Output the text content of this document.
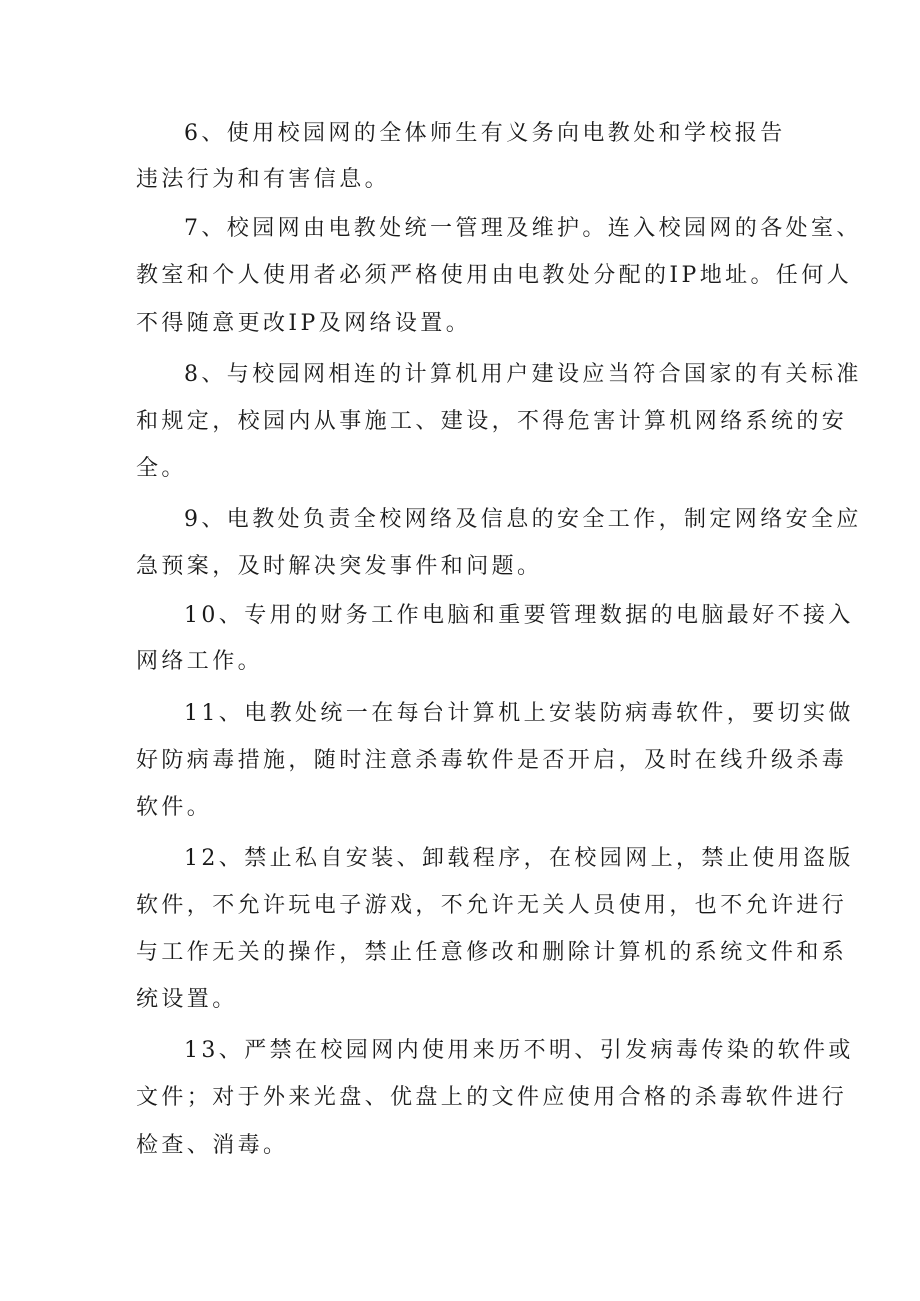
6、使用校园网的全体师生有义务向电教处和学校报告
违法行为和有害信息。
7、校园网由电教处统一管理及维护。连入校园网的各处室、
教室和个人使用者必须严格使用由电教处分配的IP地址。任何人
不得随意更改IP及网络设置。
8、与校园网相连的计算机用户建设应当符合国家的有关标准
和规定，校园内从事施工、建设，不得危害计算机网络系统的安
全。
9、电教处负责全校网络及信息的安全工作，制定网络安全应
急预案，及时解决突发事件和问题。
10、专用的财务工作电脑和重要管理数据的电脑最好不接入
网络工作。
11、电教处统一在每台计算机上安装防病毒软件，要切实做
好防病毒措施，随时注意杀毒软件是否开启，及时在线升级杀毒
软件。
12、禁止私自安装、卸载程序，在校园网上，禁止使用盗版
软件，不允许玩电子游戏，不允许无关人员使用，也不允许进行
与工作无关的操作，禁止任意修改和删除计算机的系统文件和系
统设置。
13、严禁在校园网内使用来历不明、引发病毒传染的软件或
文件；对于外来光盘、优盘上的文件应使用合格的杀毒软件进行
检查、消毒。
